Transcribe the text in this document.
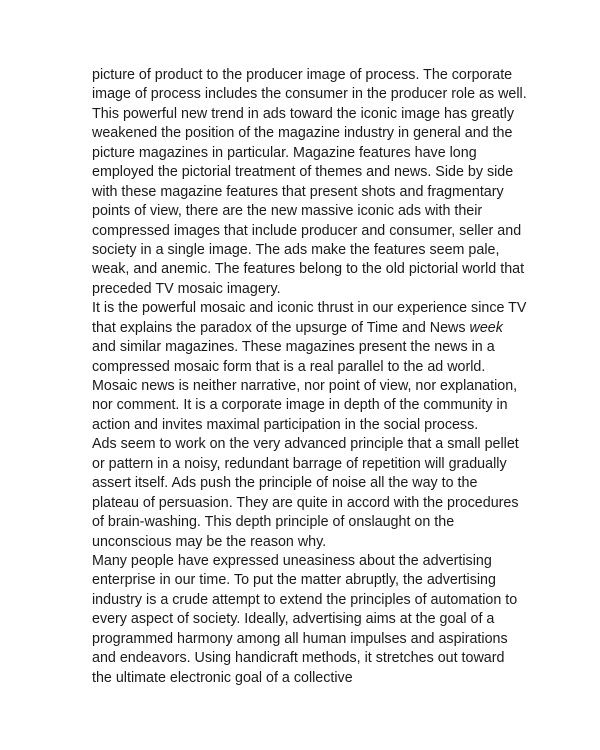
picture of product to the producer image of process. The corporate
image of process includes the consumer in the producer role as well.
This powerful new trend in ads toward the iconic image has greatly
weakened the position of the magazine industry in general and the
picture magazines in particular. Magazine features have long
employed the pictorial treatment of themes and news. Side by side
with these magazine features that present shots and fragmentary
points of view, there are the new massive iconic ads with their
compressed images that include producer and consumer, seller and
society in a single image. The ads make the features seem pale,
weak, and anemic. The features belong to the old pictorial world that
preceded TV mosaic imagery.
It is the powerful mosaic and iconic thrust in our experience since TV
that explains the paradox of the upsurge of Time and News week
and similar magazines. These magazines present the news in a
compressed mosaic form that is a real parallel to the ad world.
Mosaic news is neither narrative, nor point of view, nor explanation,
nor comment. It is a corporate image in depth of the community in
action and invites maximal participation in the social process.
Ads seem to work on the very advanced principle that a small pellet
or pattern in a noisy, redundant barrage of repetition will gradually
assert itself. Ads push the principle of noise all the way to the
plateau of persuasion. They are quite in accord with the procedures
of brain-washing. This depth principle of onslaught on the
unconscious may be the reason why.
Many people have expressed uneasiness about the advertising
enterprise in our time. To put the matter abruptly, the advertising
industry is a crude attempt to extend the principles of automation to
every aspect of society. Ideally, advertising aims at the goal of a
programmed harmony among all human impulses and aspirations
and endeavors. Using handicraft methods, it stretches out toward
the ultimate electronic goal of a collective
